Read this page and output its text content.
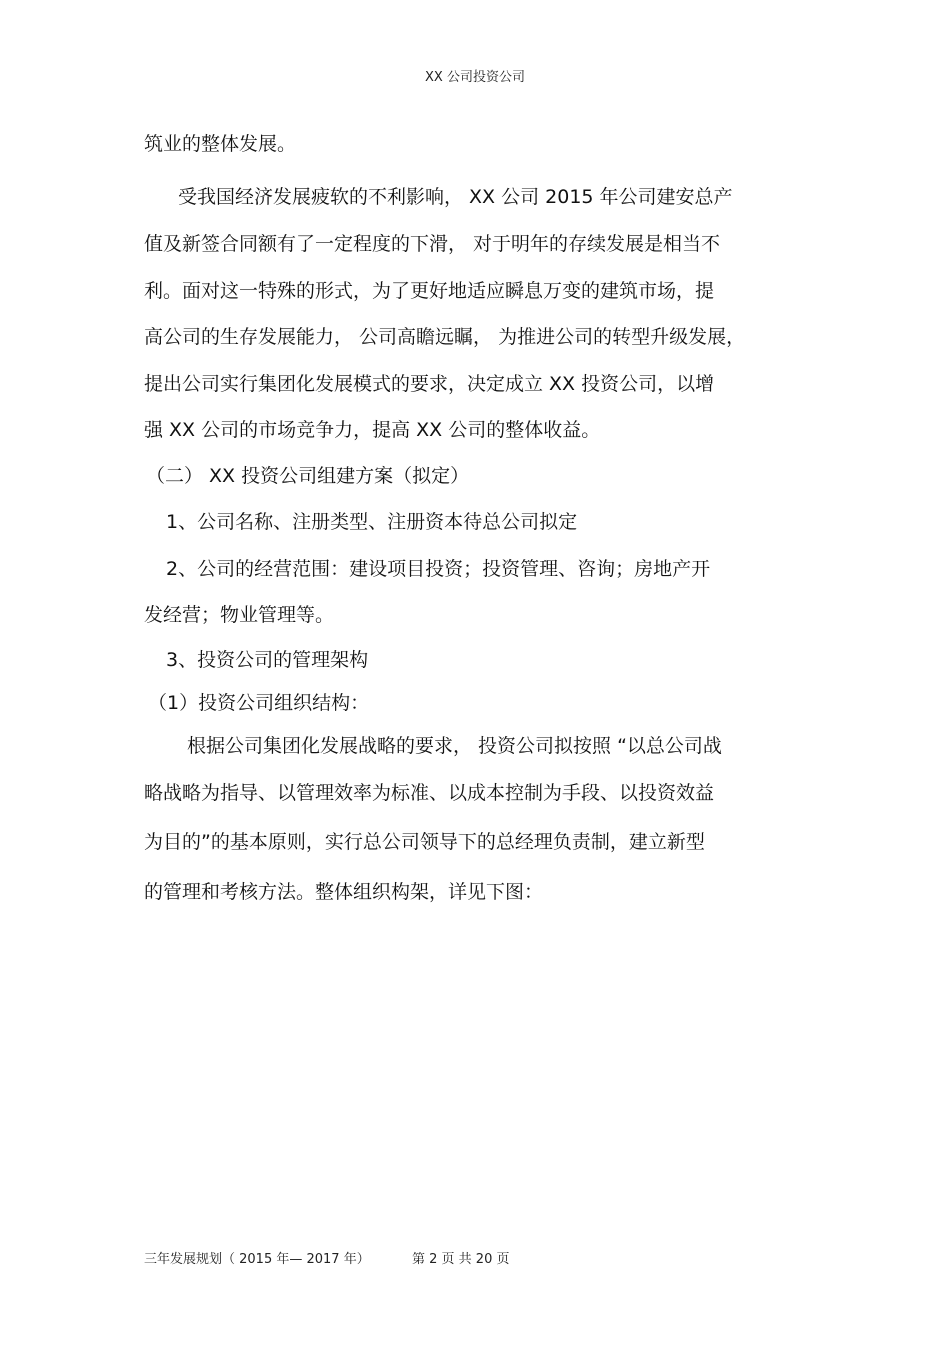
XX 公司投资公司
筑业的整体发展。
受我国经济发展疲软的不利影响， XX 公司 2015 年公司建安总产
值及新签合同额有了一定程度的下滑， 对于明年的存续发展是相当不
利。面对这一特殊的形式，为了更好地适应瞬息万变的建筑市场，提
高公司的生存发展能力， 公司高瞻远瞩， 为推进公司的转型升级发展，
提出公司实行集团化发展模式的要求，决定成立 XX 投资公司，以增
强 XX 公司的市场竞争力，提高 XX 公司的整体收益。
（二） XX 投资公司组建方案（拟定）
1、公司名称、注册类型、注册资本待总公司拟定
2、公司的经营范围：建设项目投资；投资管理、咨询；房地产开
发经营；物业管理等。
3、投资公司的管理架构
（1）投资公司组织结构：
根据公司集团化发展战略的要求， 投资公司拟按照 “以总公司战
略战略为指导、以管理效率为标准、以成本控制为手段、以投资效益
为目的”的基本原则，实行总公司领导下的总经理负责制，建立新型
的管理和考核方法。整体组织构架，详见下图：
三年发展规划（ 2015 年— 2017 年）	第 2 页 共 20 页
